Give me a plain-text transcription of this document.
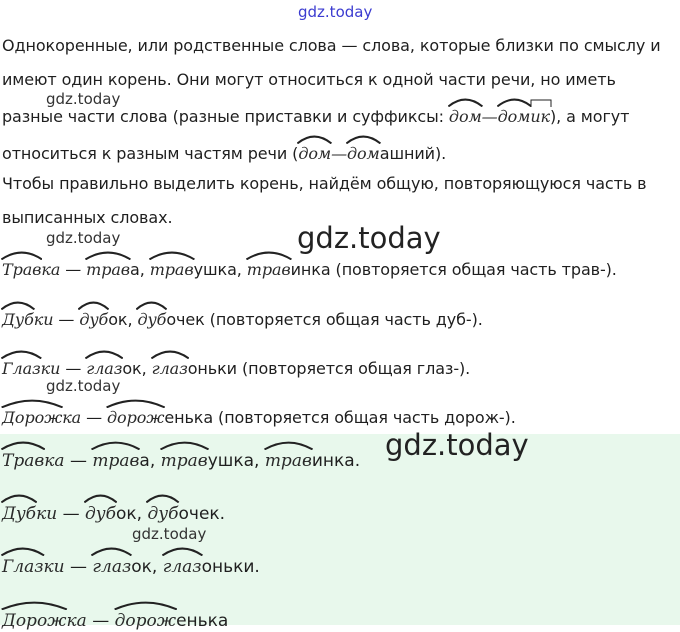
gdz.today
gdz.today
gdz.today	gdz.today
gdz.today
gdz.today
gdz.today
Однокоренные, или родственные слова — слова, которые близки по смыслу и
имеют один корень. Они могут относиться к одной части речи, но иметь
разные части слова (разные приставки и суффиксы:
дом—
дом
ик), а могут
относиться к разным частям речи (
дом—
домашний).
Чтобы правильно выделить корень, найдём общую, повторяющуюся часть в
выписанных словах.
Травка —
трава,
травушка,
травинка (повторяется общая часть трав-).
Дубки —
дубок,
дубочек (повторяется общая часть дуб-).
Глазки —
глазок,
глазоньки (повторяется общая глаз-).
Дорожка —
дороженька (повторяется общая часть дорож-).
Травка —
трава,
травушка,
травинка.
Дубки —
дубок,
дубочек.
Глазки —
глазок,
глазоньки.
Дорожка —
дороженька
